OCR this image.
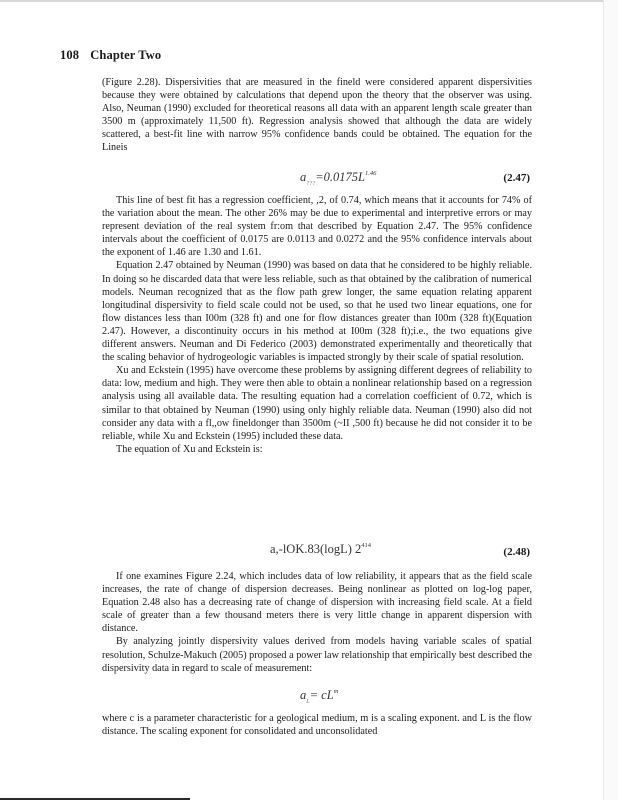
108 Chapter Two

(Figure 2.28). Dispersivities that are measured in the fineld were considered apparent dispersivities because they were obtained by calculations that depend upon the theory that the observer was using. Also, Neuman (1990) excluded for theoretical reasons all data with an apparent length scale greater than 3500 m (approximately 11,500 ft). Regression analysis showed that although the data are widely scattered, a best-fit line with narrow 95% confidence bands could be obtained. The equation for the Lineis

$a_{???}=0.0175L^{1.46}$	(2.47)

This line of best fit has a regression coefficient, ,2, of 0.74, which means that it accounts for 74% of the variation about the mean. The other 26% may be due to experimental and interpretive errors or may represent deviation of the real system fr:om that described by Equation 2.47. The 95% confidence intervals about the coefficient of 0.0175 are 0.0113 and 0.0272 and the 95% confidence intervals about the exponent of 1.46 are 1.30 and 1.61.

Equation 2.47 obtained by Neuman (1990) was based on data that he considered to be highly reliable. In doing so he discarded data that were less reliable, such as that obtained by the calibration of numerical models. Neuman recognized that as the flow path grew longer, the same equation relating apparent longitudinal dispersivity to field scale could not be used, so that he used two linear equations, one for flow distances less than I00m (328 ft) and one for flow distances greater than I00m (328 ft)(Equation 2.47). However, a discontinuity occurs in his method at I00m (328 ft);i.e., the two equations give different answers. Neuman and Di Federico (2003) demonstrated experimentally and theoretically that the scaling behavior of hydrogeologic variables is impacted strongly by their scale of spatial resolution.

Xu and Eckstein (1995) have overcome these problems by assigning different degrees of reliability to data: low, medium and high. They were then able to obtain a nonlinear relationship based on a regression analysis using all available data. The resulting equation had a correlation coefficient of 0.72, which is similar to that obtained by Neuman (1990) using only highly reliable data. Neuman (1990) also did not consider any data with a fl,,ow fineldonger than 3500m (~II ,500 ft) because he did not consider it to be reliable, while Xu and Eckstein (1995) included these data.

The equation of Xu and Eckstein is:

a,-lOK.83(logL) $2^{414}$
(2.48)

If one examines Figure 2.24, which includes data of low reliability, it appears that as the field scale increases, the rate of change of dispersion decreases. Being nonlinear as plotted on log-log paper, Equation 2.48 also has a decreasing rate of change of dispersion with increasing field scale. At a field scale of greater than a few thousand meters there is very little change in apparent dispersion with distance.

By analyzing jointly dispersivity values derived from models having variable scales of spatial resolution, Schulze-Makuch (2005) proposed a power law relationship that empirically best described the dispersivity data in regard to scale of measurement:

$a_L= cL^m$

where c is a parameter characteristic for a geological medium, m is a scaling exponent. and L is the flow distance. The scaling exponent for consolidated and unconsolidated
